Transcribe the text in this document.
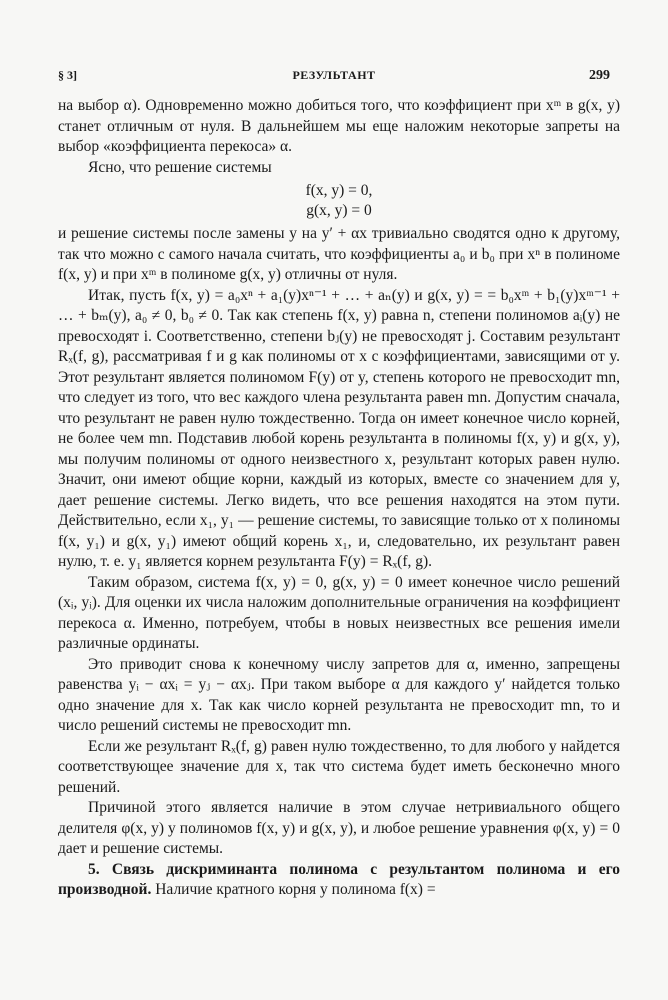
§ 3]	РЕЗУЛЬТАНТ	299

на выбор α). Одновременно можно добиться того, что коэффициент при xᵐ в g(x, y) станет отличным от нуля. В дальнейшем мы еще наложим некоторые запреты на выбор «коэффициента перекоса» α.

Ясно, что решение системы

f(x, y) = 0,
g(x, y) = 0

и решение системы после замены y на y′ + αx тривиально сводятся одно к другому, так что можно с самого начала считать, что коэффициенты a₀ и b₀ при xⁿ в полиноме f(x, y) и при xᵐ в полиноме g(x, y) отличны от нуля.

Итак, пусть f(x, y) = a₀xⁿ + a₁(y)xⁿ⁻¹ + … + aₙ(y) и g(x, y) = = b₀xᵐ + b₁(y)xᵐ⁻¹ + … + bₘ(y), a₀ ≠ 0, b₀ ≠ 0. Так как степень f(x, y) равна n, степени полиномов aᵢ(y) не превосходят i. Соответственно, степени bⱼ(y) не превосходят j. Составим результант Rₓ(f, g), рассматривая f и g как полиномы от x с коэффициентами, зависящими от y. Этот результант является полиномом F(y) от y, степень которого не превосходит mn, что следует из того, что вес каждого члена результанта равен mn. Допустим сначала, что результант не равен нулю тождественно. Тогда он имеет конечное число корней, не более чем mn. Подставив любой корень результанта в полиномы f(x, y) и g(x, y), мы получим полиномы от одного неизвестного x, результант которых равен нулю. Значит, они имеют общие корни, каждый из которых, вместе со значением для y, дает решение системы. Легко видеть, что все решения находятся на этом пути. Действительно, если x₁, y₁ — решение системы, то зависящие только от x полиномы f(x, y₁) и g(x, y₁) имеют общий корень x₁, и, следовательно, их результант равен нулю, т. е. y₁ является корнем результанта F(y) = Rₓ(f, g).

Таким образом, система f(x, y) = 0, g(x, y) = 0 имеет конечное число решений (xᵢ, yᵢ). Для оценки их числа наложим дополнительные ограничения на коэффициент перекоса α. Именно, потребуем, чтобы в новых неизвестных все решения имели различные ординаты.

Это приводит снова к конечному числу запретов для α, именно, запрещены равенства yᵢ − αxᵢ = yⱼ − αxⱼ. При таком выборе α для каждого y′ найдется только одно значение для x. Так как число корней результанта не превосходит mn, то и число решений системы не превосходит mn.

Если же результант Rₓ(f, g) равен нулю тождественно, то для любого y найдется соответствующее значение для x, так что система будет иметь бесконечно много решений.

Причиной этого является наличие в этом случае нетривиального общего делителя φ(x, y) у полиномов f(x, y) и g(x, y), и любое решение уравнения φ(x, y) = 0 дает и решение системы.

5. Связь дискриминанта полинома с результантом полинома и его производной. Наличие кратного корня у полинома f(x) =
